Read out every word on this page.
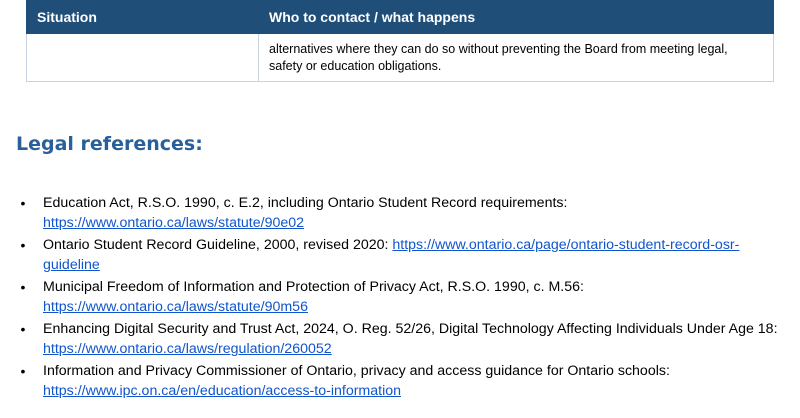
Situation	Who to contact / what happens
	alternatives where they can do so without preventing the Board from meeting legal, safety or education obligations.
Legal references:
•	Education Act, R.S.O. 1990, c. E.2, including Ontario Student Record requirements: https://www.ontario.ca/laws/statute/90e02
•	Ontario Student Record Guideline, 2000, revised 2020: https://www.ontario.ca/page/ontario-student-record-osr-guideline
•	Municipal Freedom of Information and Protection of Privacy Act, R.S.O. 1990, c. M.56: https://www.ontario.ca/laws/statute/90m56
•	Enhancing Digital Security and Trust Act, 2024, O. Reg. 52/26, Digital Technology Affecting Individuals Under Age 18: https://www.ontario.ca/laws/regulation/260052
•	Information and Privacy Commissioner of Ontario, privacy and access guidance for Ontario schools: https://www.ipc.on.ca/en/education/access-to-information
